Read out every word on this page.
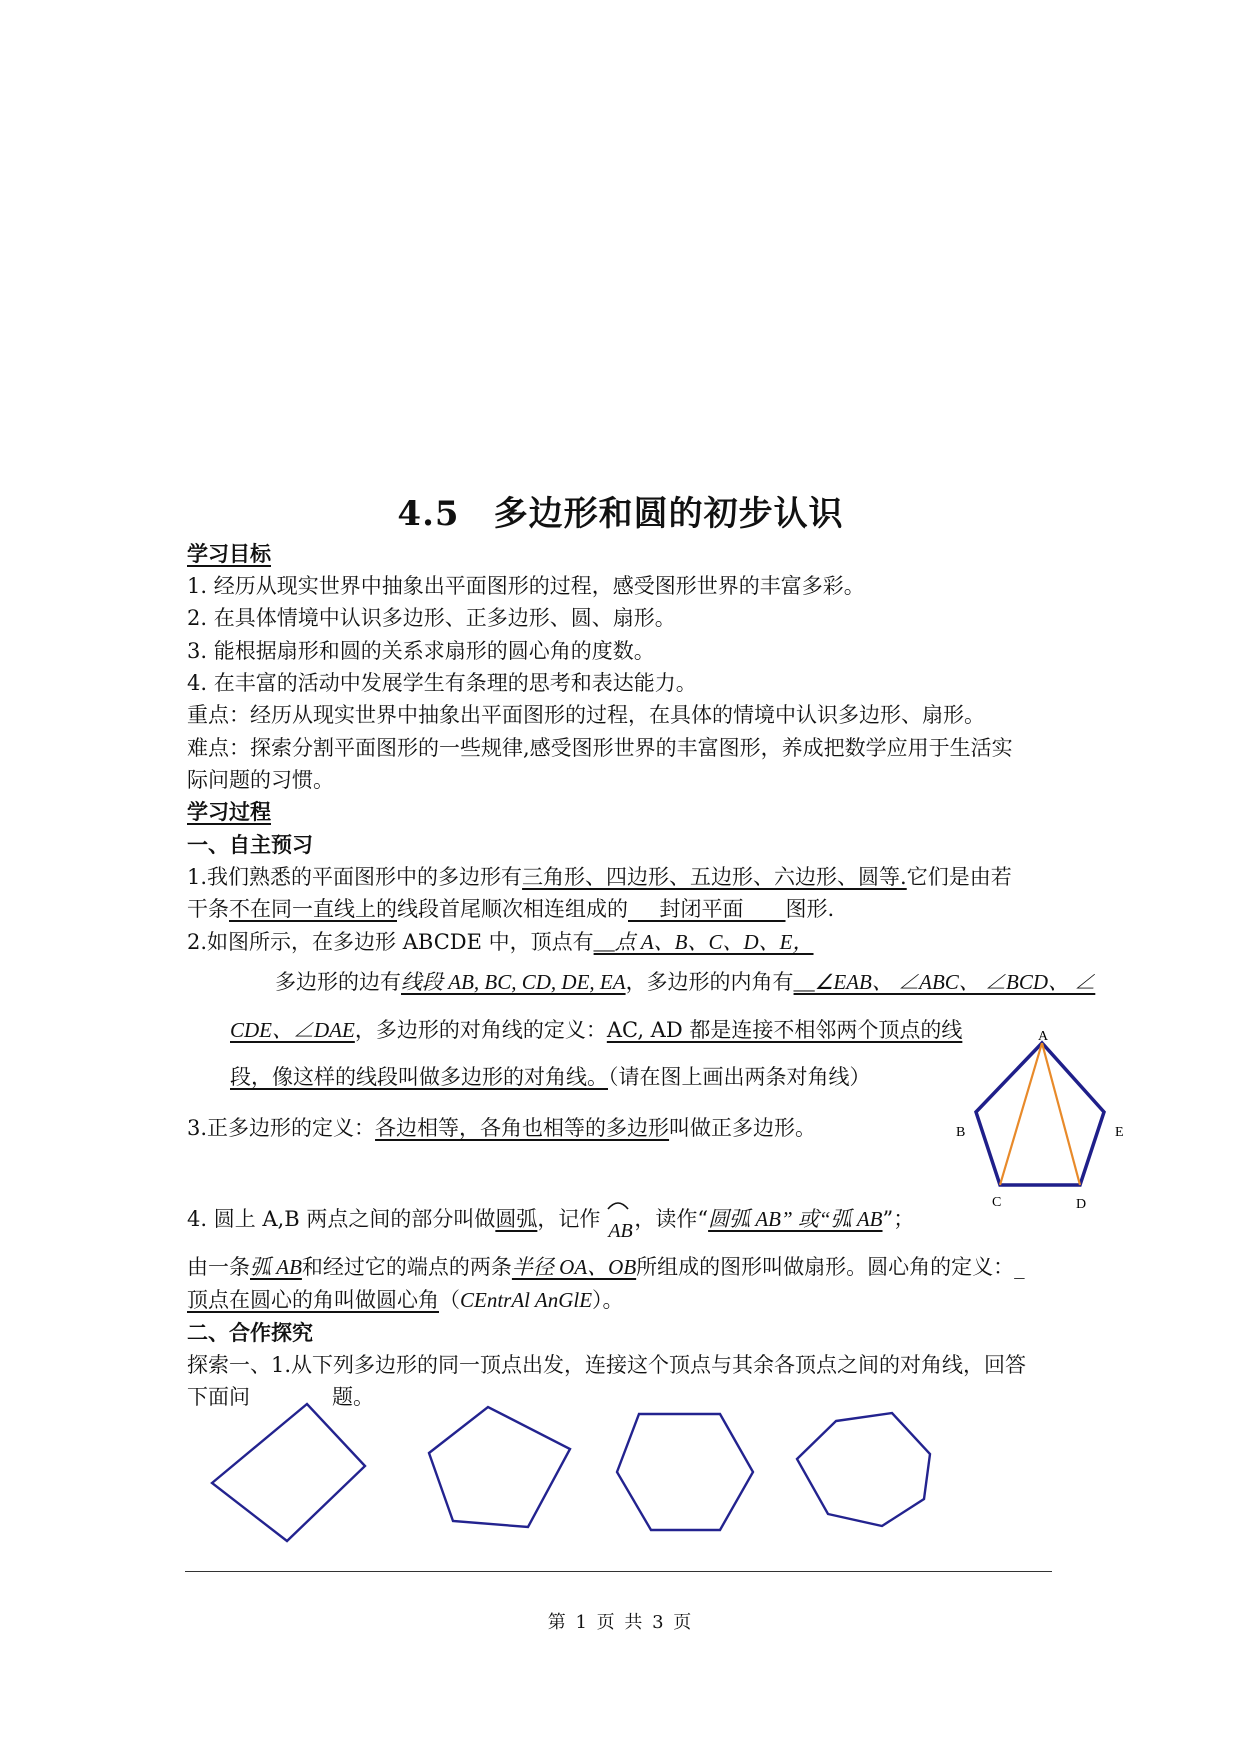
4.5 多边形和圆的初步认识
学习目标
1. 经历从现实世界中抽象出平面图形的过程，感受图形世界的丰富多彩。
2. 在具体情境中认识多边形、正多边形、圆、扇形。
3. 能根据扇形和圆的关系求扇形的圆心角的度数。
4. 在丰富的活动中发展学生有条理的思考和表达能力。
重点：经历从现实世界中抽象出平面图形的过程，在具体的情境中认识多边形、扇形。
难点：探索分割平面图形的一些规律,感受图形世界的丰富图形，养成把数学应用于生活实
际问题的习惯。
学习过程
一、自主预习
1.我们熟悉的平面图形中的多边形有三角形、四边形、五边形、六边形、圆等.它们是由若
干条不在同一直线上的线段首尾顺次相连组成的___封闭平面____图形.
2.如图所示，在多边形 ABCDE 中，顶点有__点 A、B、C、D、E，
多边形的边有线段 AB, BC, CD, DE, EA，多边形的内角有__∠EAB、 ∠ABC、 ∠BCD、 ∠
CDE、∠DAE，多边形的对角线的定义：AC, AD 都是连接不相邻两个顶点的线
段，像这样的线段叫做多边形的对角线。（请在图上画出两条对角线）
3.正多边形的定义：各边相等，各角也相等的多边形叫做正多边形。
4. 圆上 A,B 两点之间的部分叫做圆弧，记作 AB ，读作“圆弧 AB” 或“弧 AB”；
由一条弧 AB和经过它的端点的两条半径 OA、OB所组成的图形叫做扇形。圆心角的定义：_
顶点在圆心的角叫做圆心角（CEntrAl AnGlE）。
二、合作探究
探索一、1.从下列多边形的同一顶点出发，连接这个顶点与其余各顶点之间的对角线，回答
下面问	题。
A
B
C	D
E
第 1 页 共 3 页
